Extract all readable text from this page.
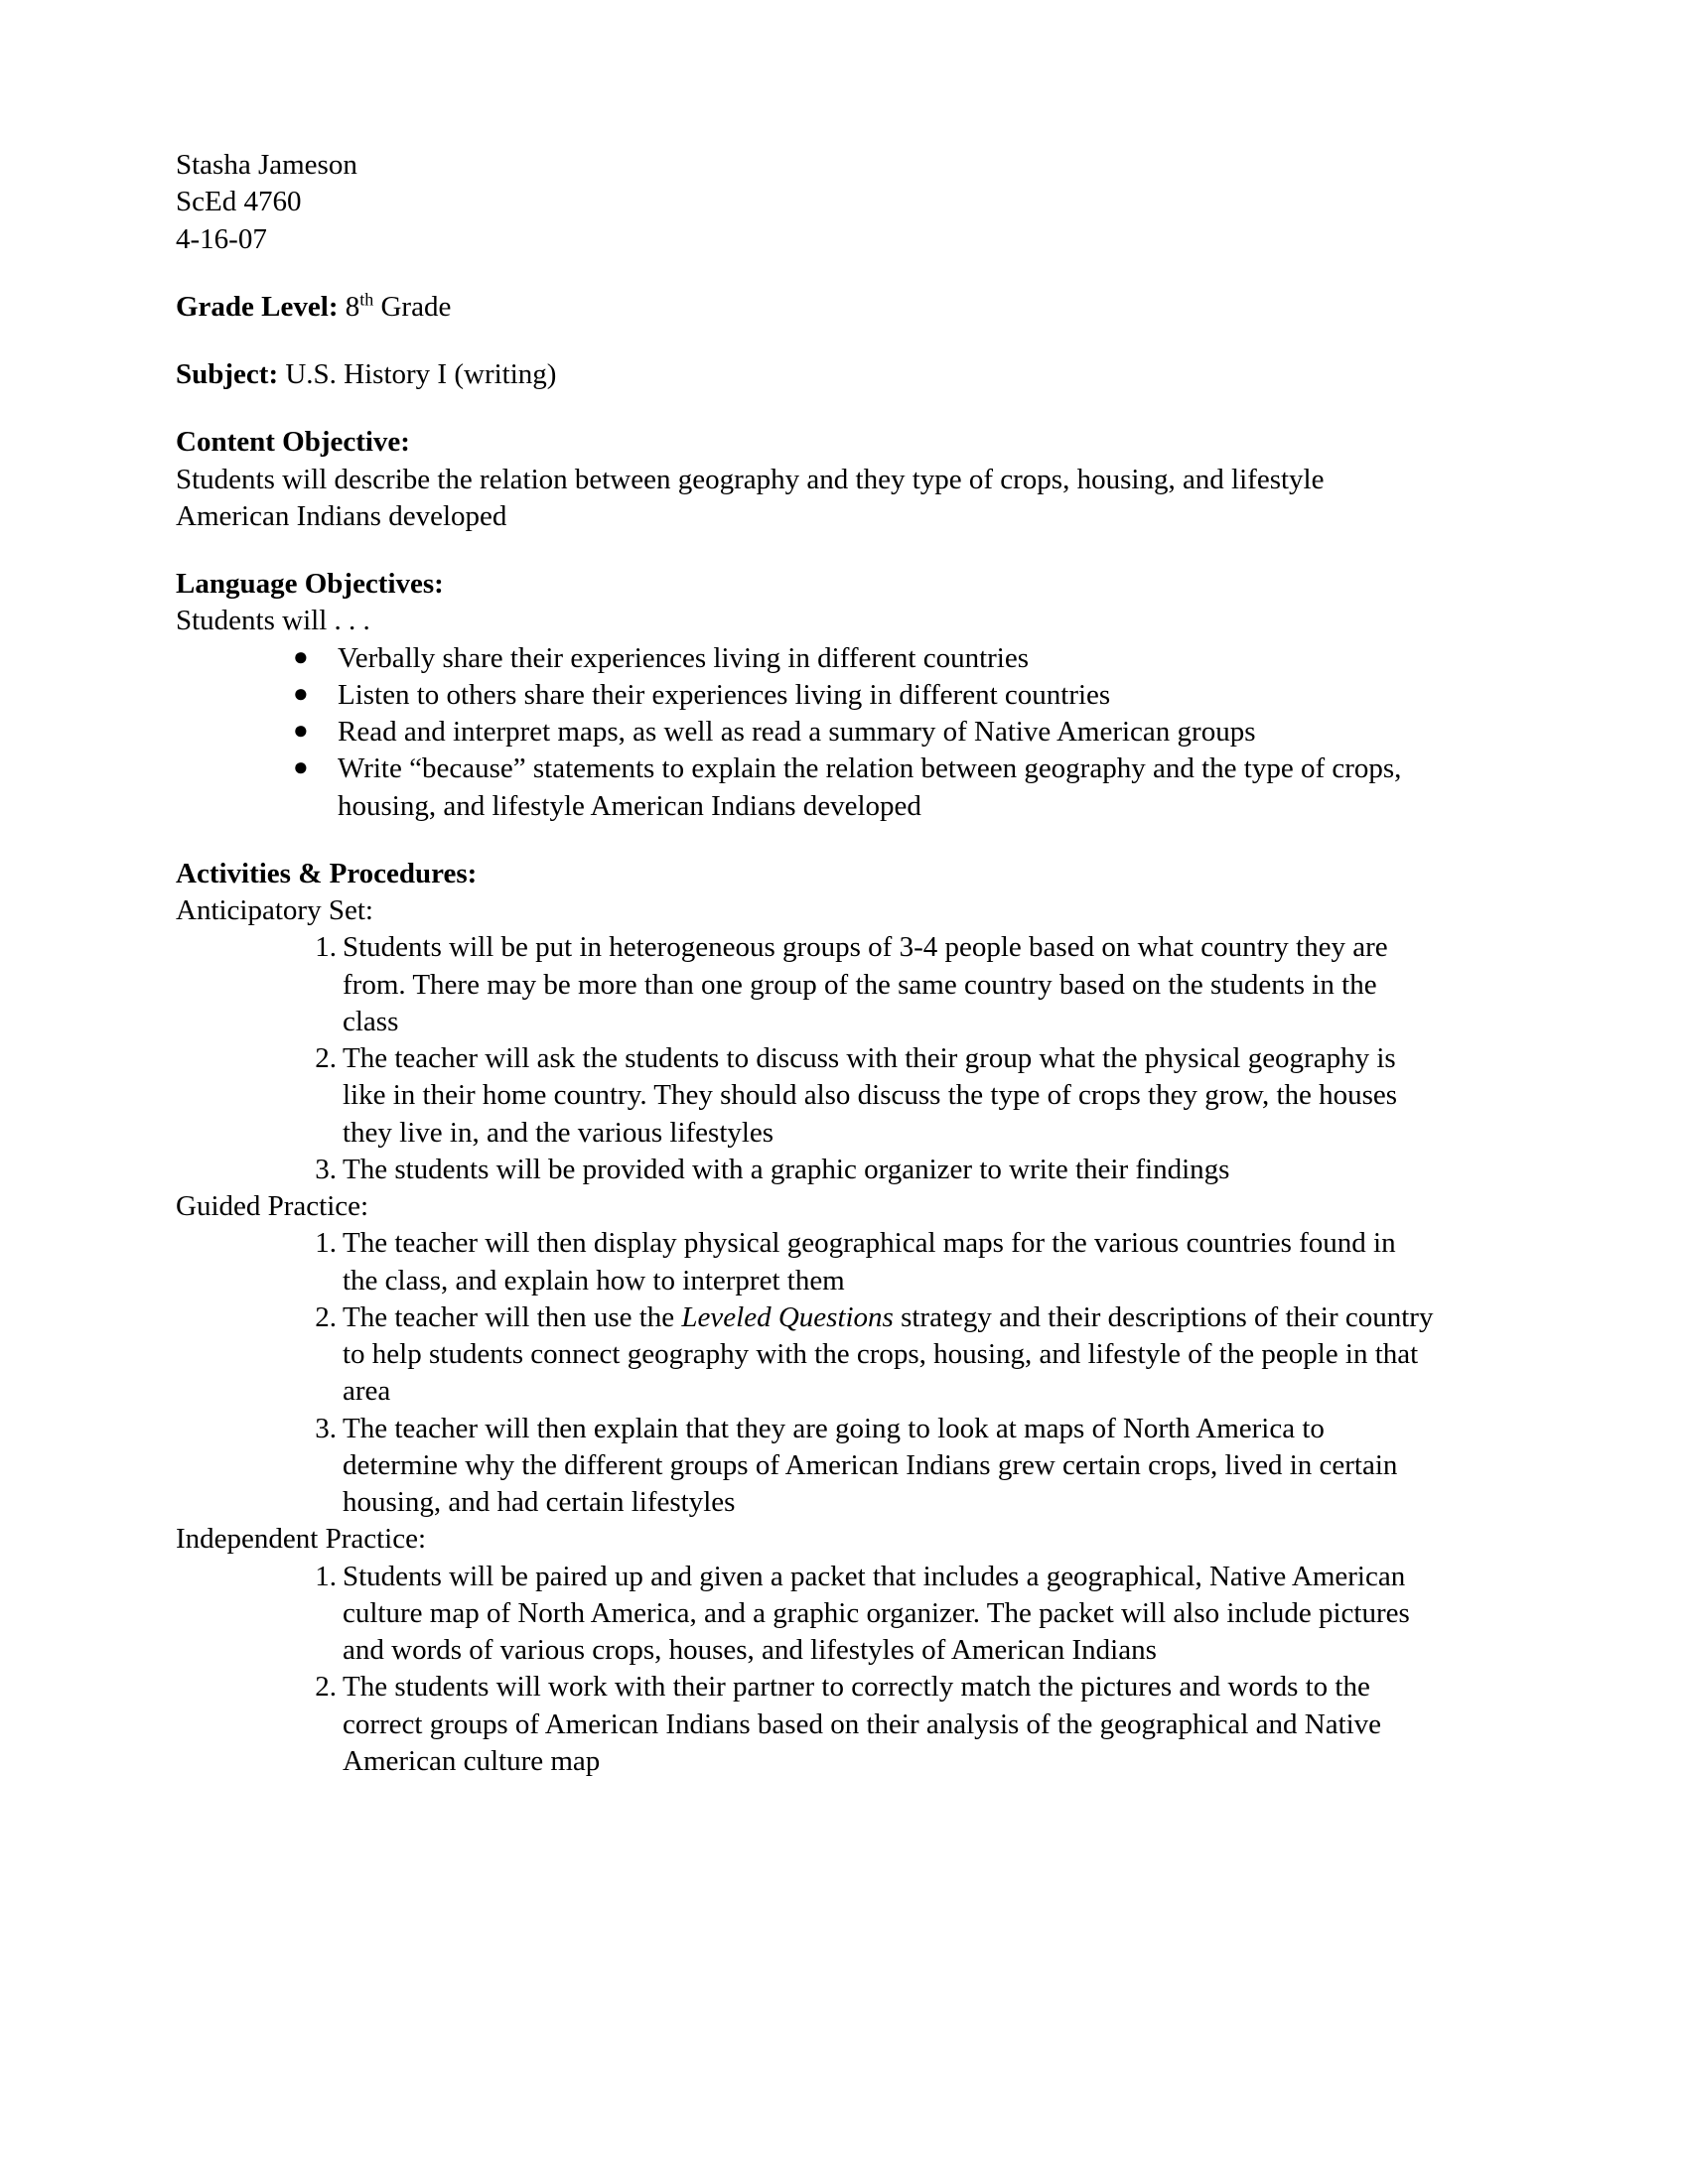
Stasha Jameson
ScEd 4760
4-16-07

Grade Level: 8th Grade

Subject: U.S. History I (writing)

Content Objective:

Students will describe the relation between geography and they type of crops, housing, and lifestyle American Indians developed

Language Objectives:

Students will . . .

● Verbally share their experiences living in different countries
● Listen to others share their experiences living in different countries
● Read and interpret maps, as well as read a summary of Native American groups
● Write “because” statements to explain the relation between geography and the type of crops, housing, and lifestyle American Indians developed

Activities & Procedures:

Anticipatory Set:

1. Students will be put in heterogeneous groups of 3-4 people based on what country they are from. There may be more than one group of the same country based on the students in the class
2. The teacher will ask the students to discuss with their group what the physical geography is like in their home country. They should also discuss the type of crops they grow, the houses they live in, and the various lifestyles
3. The students will be provided with a graphic organizer to write their findings

Guided Practice:

1. The teacher will then display physical geographical maps for the various countries found in the class, and explain how to interpret them
2. The teacher will then use the Leveled Questions strategy and their descriptions of their country to help students connect geography with the crops, housing, and lifestyle of the people in that area
3. The teacher will then explain that they are going to look at maps of North America to determine why the different groups of American Indians grew certain crops, lived in certain housing, and had certain lifestyles

Independent Practice:

1. Students will be paired up and given a packet that includes a geographical, Native American culture map of North America, and a graphic organizer. The packet will also include pictures and words of various crops, houses, and lifestyles of American Indians
2. The students will work with their partner to correctly match the pictures and words to the correct groups of American Indians based on their analysis of the geographical and Native American culture map
